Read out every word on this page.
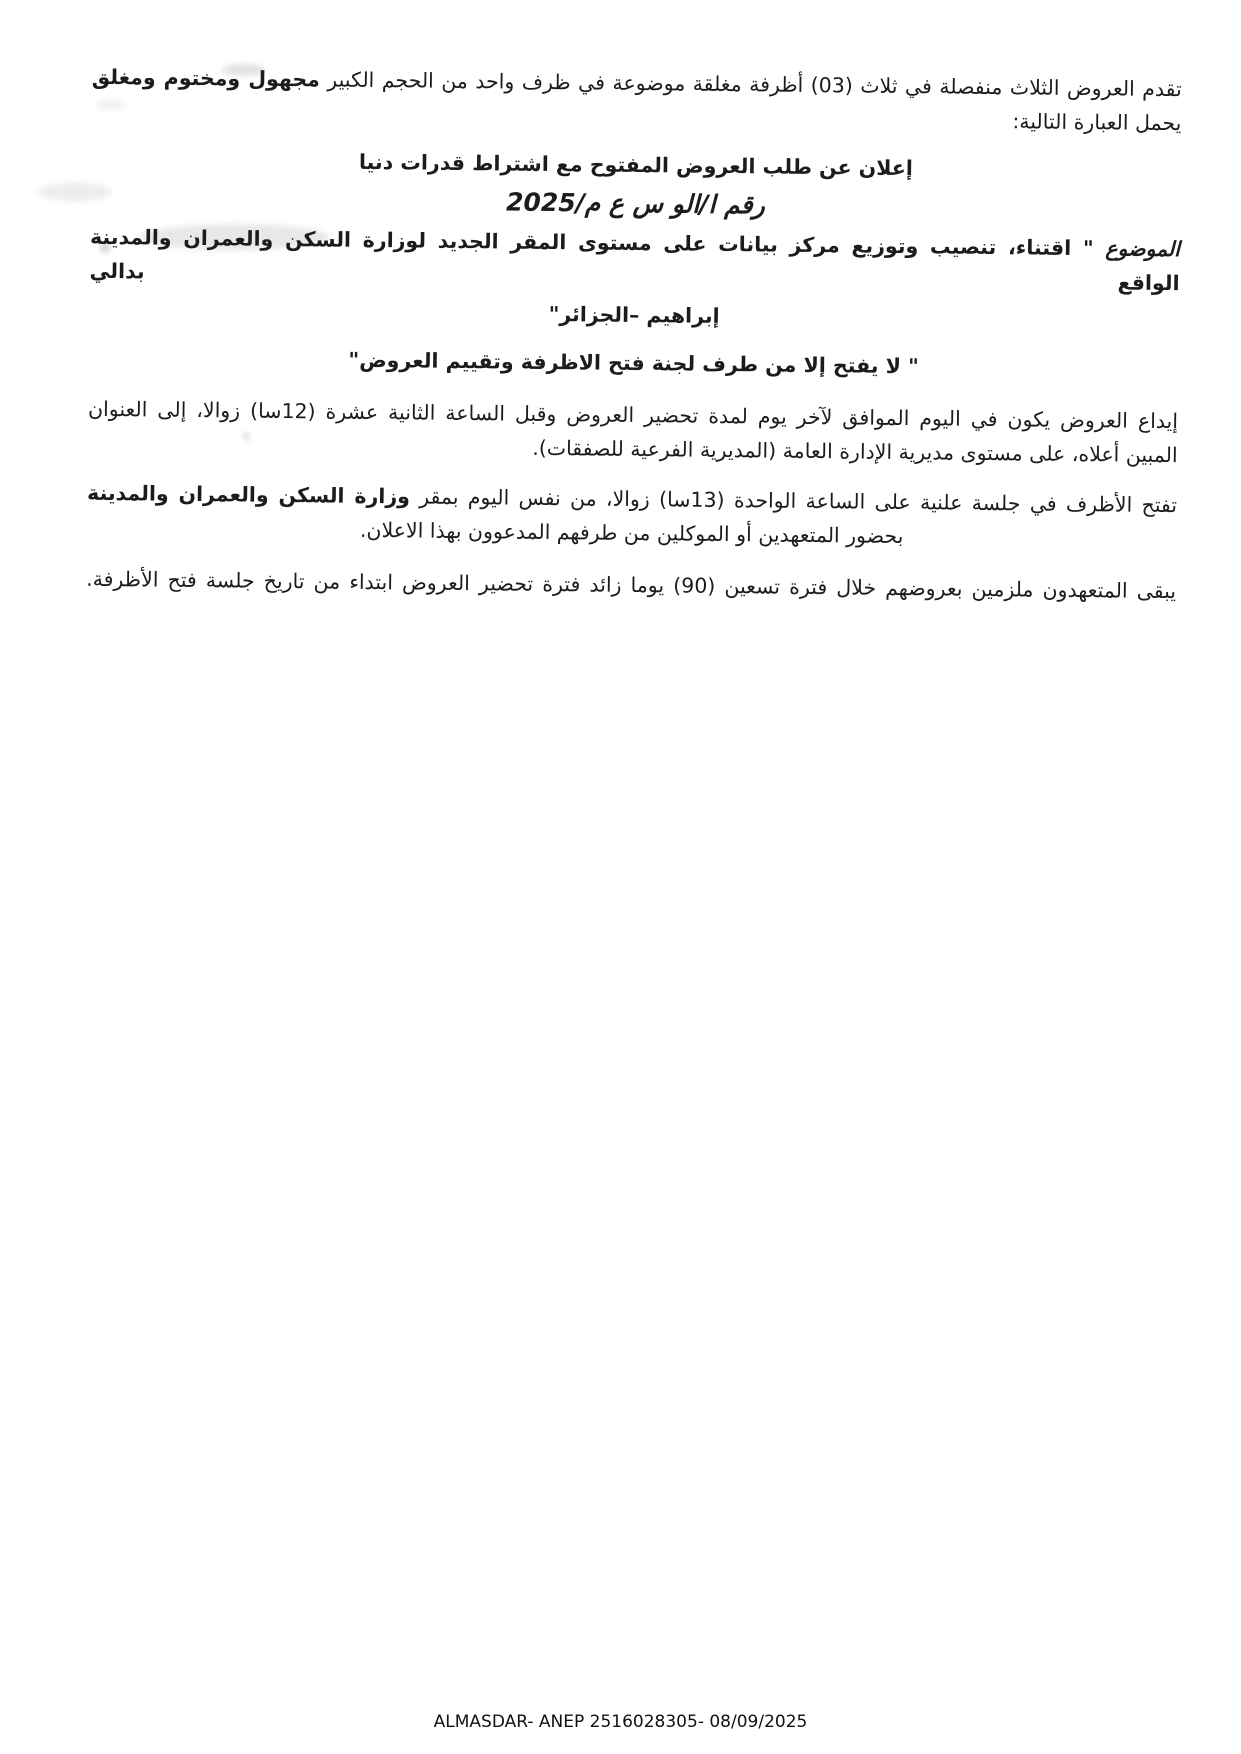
تقدم العروض الثلاث منفصلة في ثلاث (03) أظرفة مغلقة موضوعة في ظرف واحد من الحجم الكبير مجهول ومختوم ومغلق
يحمل العبارة التالية:
إعلان عن طلب العروض المفتوح مع اشتراط قدرات دنيا
رقم ا/الو س ع م/2025
الموضوع " اقتناء، تنصيب وتوزيع مركز بيانات على مستوى المقر الجديد لوزارة السكن والعمران والمدينة الواقع بدالي
إبراهيم –الجزائر"
" لا يفتح إلا من طرف لجنة فتح الاظرفة وتقييم العروض"
إيداع العروض يكون في اليوم الموافق لآخر يوم لمدة تحضير العروض وقبل الساعة الثانية عشرة (12سا) زوالا، إلى العنوان
المبين أعلاه، على مستوى مديرية الإدارة العامة (المديرية الفرعية للصفقات).
تفتح الأظرف في جلسة علنية على الساعة الواحدة (13سا) زوالا، من نفس اليوم بمقر وزارة السكن والعمران والمدينة
بحضور المتعهدين أو الموكلين من طرفهم المدعوون بهذا الاعلان.
يبقى المتعهدون ملزمين بعروضهم خلال فترة تسعين (90) يوما زائد فترة تحضير العروض ابتداء من تاريخ جلسة فتح الأظرفة.
ALMASDAR- ANEP 2516028305- 08/09/2025
